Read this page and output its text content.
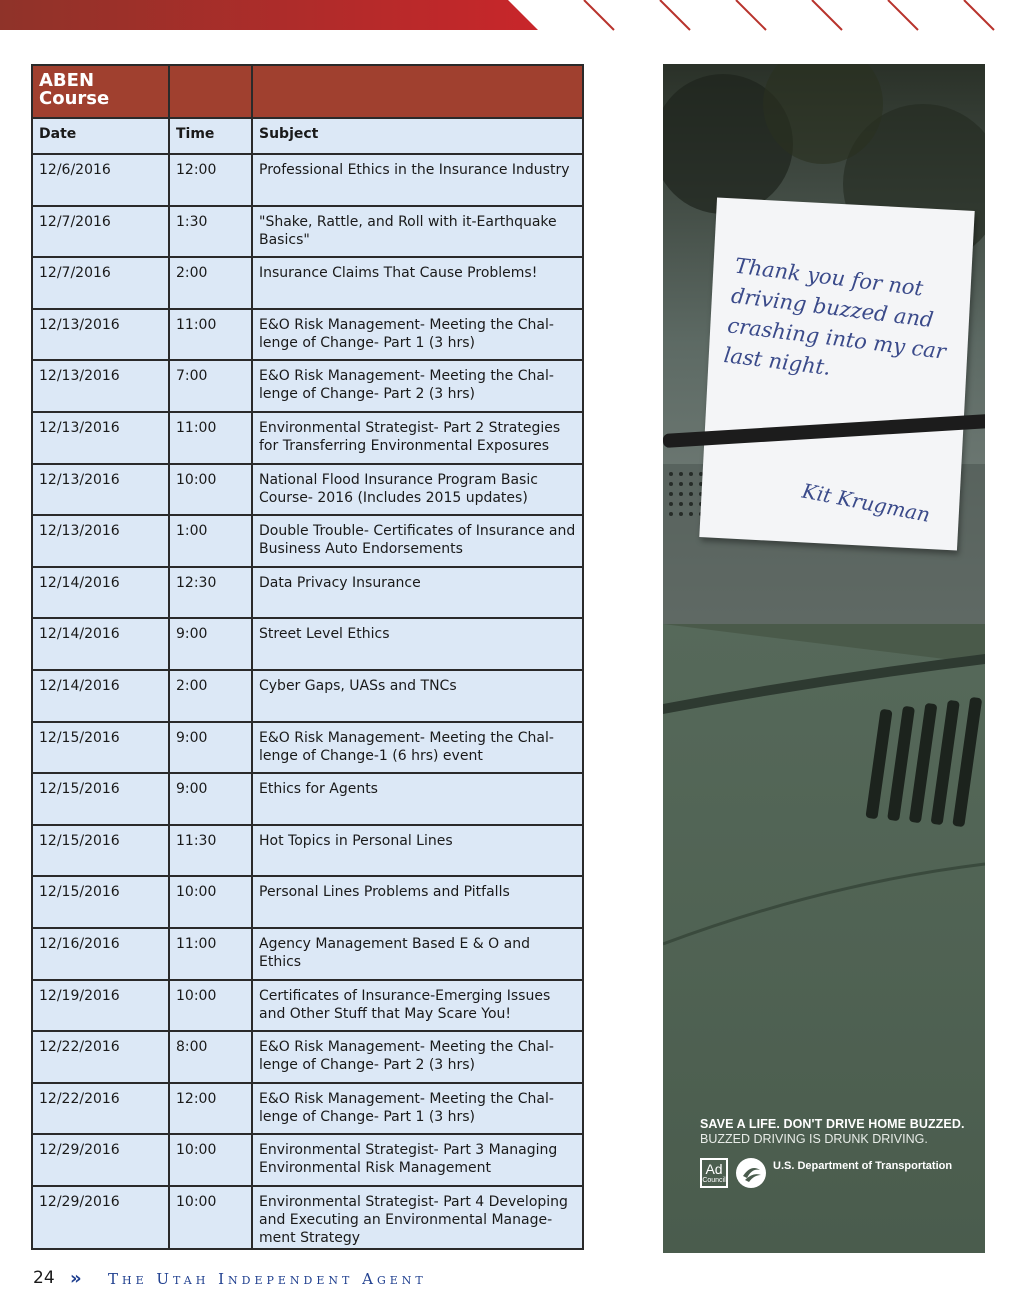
ABEN Course		
Date	Time	Subject
12/6/2016	12:00	Professional Ethics in the Insurance Industry
12/7/2016	1:30	"Shake, Rattle, and Roll with it-Earthquake Basics"
12/7/2016	2:00	Insurance Claims That Cause Problems!
12/13/2016	11:00	E&O Risk Management- Meeting the Chal- lenge of Change- Part 1 (3 hrs)
12/13/2016	7:00	E&O Risk Management- Meeting the Chal- lenge of Change- Part 2 (3 hrs)
12/13/2016	11:00	Environmental Strategist- Part 2 Strategies for Transferring Environmental Exposures
12/13/2016	10:00	National Flood Insurance Program Basic Course- 2016 (Includes 2015 updates)
12/13/2016	1:00	Double Trouble- Certificates of Insurance and Business Auto Endorsements
12/14/2016	12:30	Data Privacy Insurance
12/14/2016	9:00	Street Level Ethics
12/14/2016	2:00	Cyber Gaps, UASs and TNCs
12/15/2016	9:00	E&O Risk Management- Meeting the Chal- lenge of Change-1 (6 hrs) event
12/15/2016	9:00	Ethics for Agents
12/15/2016	11:30	Hot Topics in Personal Lines
12/15/2016	10:00	Personal Lines Problems and Pitfalls
12/16/2016	11:00	Agency Management Based E & O and Ethics
12/19/2016	10:00	Certificates of Insurance-Emerging Issues and Other Stuff that May Scare You!
12/22/2016	8:00	E&O Risk Management- Meeting the Chal- lenge of Change- Part 2 (3 hrs)
12/22/2016	12:00	E&O Risk Management- Meeting the Chal- lenge of Change- Part 1 (3 hrs)
12/29/2016	10:00	Environmental Strategist- Part 3 Managing Environmental Risk Management
12/29/2016	10:00	Environmental Strategist- Part 4 Developing and Executing an Environmental Manage- ment Strategy
Thank you for not driving buzzed and crashing into my car last night.
Kit Krugman
SAVE A LIFE. DON'T DRIVE HOME BUZZED.
BUZZED DRIVING IS DRUNK DRIVING.
Ad
Council
U.S. Department of Transportation
24 » The Utah Independent Agent
